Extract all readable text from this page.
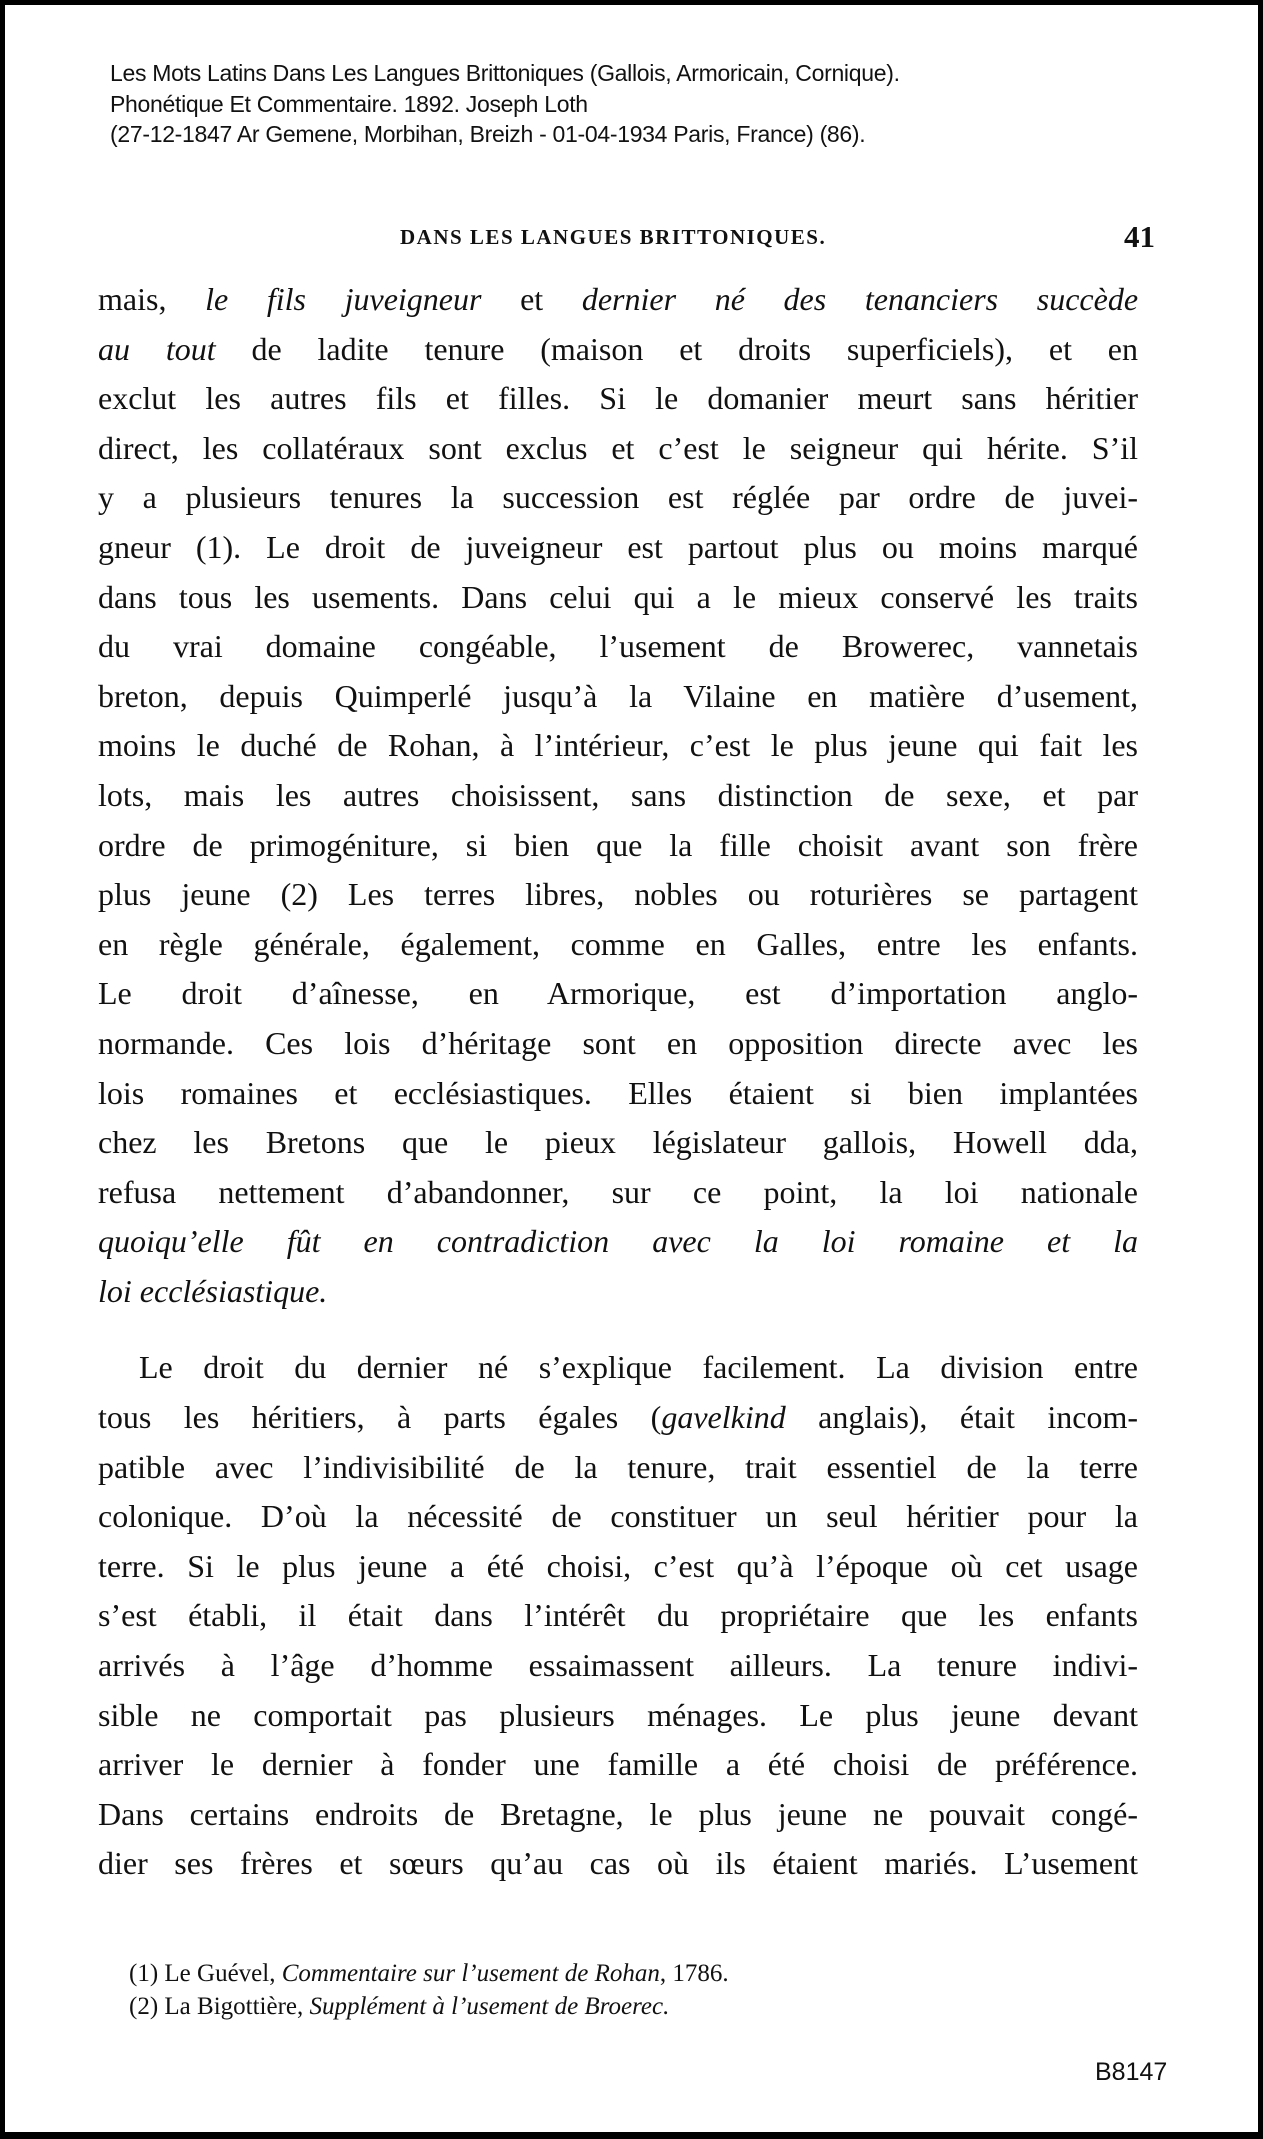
Les Mots Latins Dans Les Langues Brittoniques (Gallois, Armoricain, Cornique).
Phonétique Et Commentaire. 1892. Joseph Loth
(27-12-1847 Ar Gemene, Morbihan, Breizh - 01-04-1934 Paris, France) (86).
DANS LES LANGUES BRITTONIQUES.	41
mais, le fils juveigneur et dernier né des tenanciers succède
au tout de ladite tenure (maison et droits superficiels), et en
exclut les autres fils et filles. Si le domanier meurt sans héritier
direct, les collatéraux sont exclus et c’est le seigneur qui hérite. S’il
y a plusieurs tenures la succession est réglée par ordre de juvei-
gneur (1). Le droit de juveigneur est partout plus ou moins marqué
dans tous les usements. Dans celui qui a le mieux conservé les traits
du vrai domaine congéable, l’usement de Browerec, vannetais
breton, depuis Quimperlé jusqu’à la Vilaine en matière d’usement,
moins le duché de Rohan, à l’intérieur, c’est le plus jeune qui fait les
lots, mais les autres choisissent, sans distinction de sexe, et par
ordre de primogéniture, si bien que la fille choisit avant son frère
plus jeune (2) Les terres libres, nobles ou roturières se partagent
en règle générale, également, comme en Galles, entre les enfants.
Le droit d’aînesse, en Armorique, est d’importation anglo-
normande. Ces lois d’héritage sont en opposition directe avec les
lois romaines et ecclésiastiques. Elles étaient si bien implantées
chez les Bretons que le pieux législateur gallois, Howell dda,
refusa nettement d’abandonner, sur ce point, la loi nationale
quoiqu’elle fût en contradiction avec la loi romaine et la
loi ecclésiastique.
Le droit du dernier né s’explique facilement. La division entre
tous les héritiers, à parts égales (gavelkind anglais), était incom-
patible avec l’indivisibilité de la tenure, trait essentiel de la terre
colonique. D’où la nécessité de constituer un seul héritier pour la
terre. Si le plus jeune a été choisi, c’est qu’à l’époque où cet usage
s’est établi, il était dans l’intérêt du propriétaire que les enfants
arrivés à l’âge d’homme essaimassent ailleurs. La tenure indivi-
sible ne comportait pas plusieurs ménages. Le plus jeune devant
arriver le dernier à fonder une famille a été choisi de préférence.
Dans certains endroits de Bretagne, le plus jeune ne pouvait congé-
dier ses frères et sœurs qu’au cas où ils étaient mariés. L’usement
(1) Le Guével, Commentaire sur l’usement de Rohan, 1786.
(2) La Bigottière, Supplément à l’usement de Broerec.
B8147
